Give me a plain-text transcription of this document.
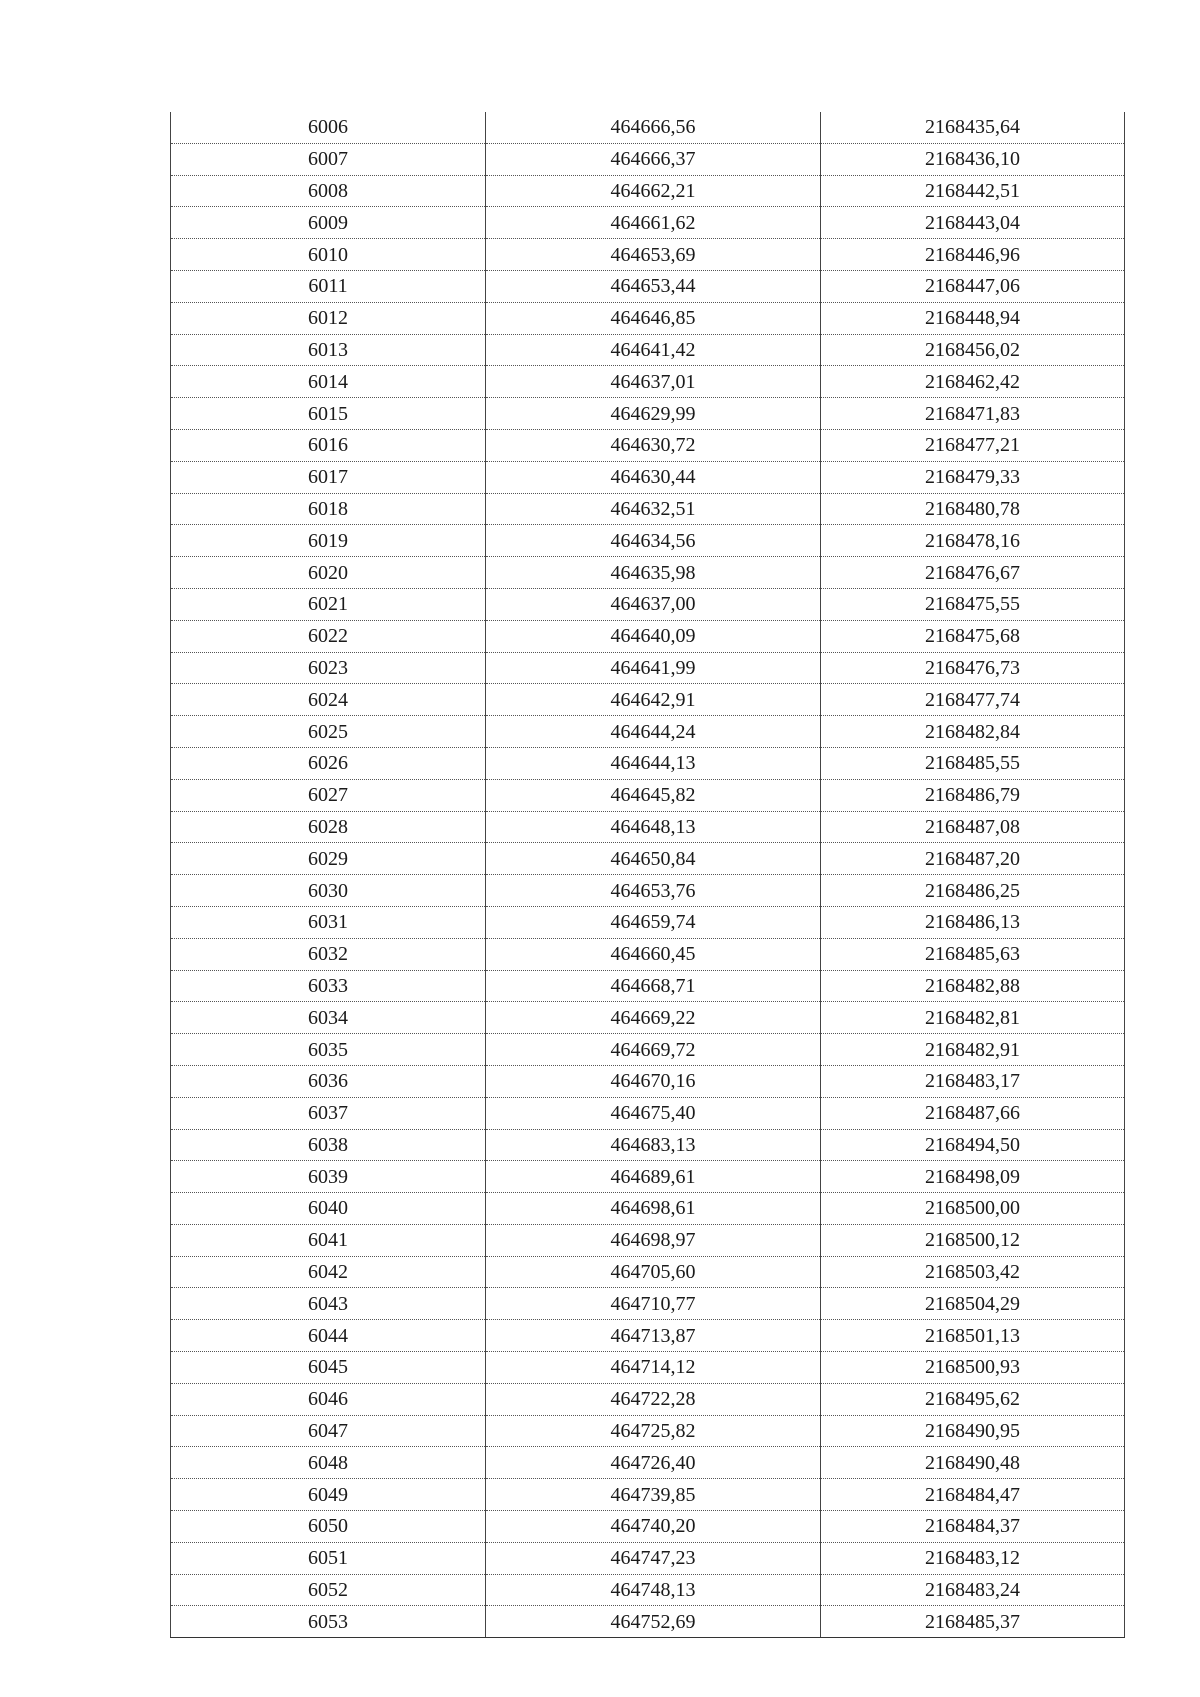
6006	464666,56	2168435,64
6007	464666,37	2168436,10
6008	464662,21	2168442,51
6009	464661,62	2168443,04
6010	464653,69	2168446,96
6011	464653,44	2168447,06
6012	464646,85	2168448,94
6013	464641,42	2168456,02
6014	464637,01	2168462,42
6015	464629,99	2168471,83
6016	464630,72	2168477,21
6017	464630,44	2168479,33
6018	464632,51	2168480,78
6019	464634,56	2168478,16
6020	464635,98	2168476,67
6021	464637,00	2168475,55
6022	464640,09	2168475,68
6023	464641,99	2168476,73
6024	464642,91	2168477,74
6025	464644,24	2168482,84
6026	464644,13	2168485,55
6027	464645,82	2168486,79
6028	464648,13	2168487,08
6029	464650,84	2168487,20
6030	464653,76	2168486,25
6031	464659,74	2168486,13
6032	464660,45	2168485,63
6033	464668,71	2168482,88
6034	464669,22	2168482,81
6035	464669,72	2168482,91
6036	464670,16	2168483,17
6037	464675,40	2168487,66
6038	464683,13	2168494,50
6039	464689,61	2168498,09
6040	464698,61	2168500,00
6041	464698,97	2168500,12
6042	464705,60	2168503,42
6043	464710,77	2168504,29
6044	464713,87	2168501,13
6045	464714,12	2168500,93
6046	464722,28	2168495,62
6047	464725,82	2168490,95
6048	464726,40	2168490,48
6049	464739,85	2168484,47
6050	464740,20	2168484,37
6051	464747,23	2168483,12
6052	464748,13	2168483,24
6053	464752,69	2168485,37
